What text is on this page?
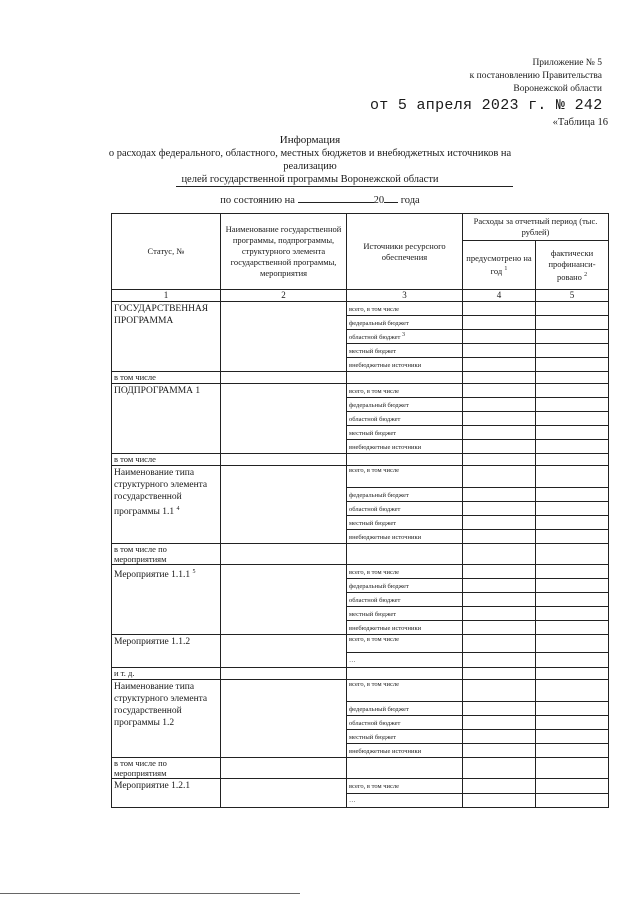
Приложение № 5
к постановлению Правительства
Воронежской области
от 5 апреля 2023 г. № 242
«Таблица 16
Информация
о расходах федерального, областного, местных бюджетов и внебюджетных источников на реализацию
целей государственной программы Воронежской области
по состоянию на	20 года
Статус, №	Наименование государственной программы, подпрограммы, структурного элемента государственной программы, мероприятия	Источники ресурсного обеспечения	Расходы за отчетный период (тыс. рублей)	
			предусмотрено на год $^1$	фактически профинанси-ровано $^2$
1	2	3	4	5
ГОСУДАРСТВЕННАЯ ПРОГРАММА		всего, в том числе		
		федеральный бюджет		
		областной бюджет $^3$		
		местный бюджет		
		внебюджетные источники		
в том числе				
ПОДПРОГРАММА 1		всего, в том числе		
		федеральный бюджет		
		областной бюджет		
		местный бюджет		
		внебюджетные источники		
в том числе				
Наименование типа структурного элемента государственной программы 1.1 $^4$		всего, в том числе		
		федеральный бюджет		
		областной бюджет		
		местный бюджет		
		внебюджетные источники		
в том числе по мероприятиям				
Мероприятие 1.1.1 $^5$		всего, в том числе		
		федеральный бюджет		
		областной бюджет		
		местный бюджет		
		внебюджетные источники		
Мероприятие 1.1.2		всего, в том числе		
		…		
и т. д.				
Наименование типа структурного элемента государственной программы 1.2		всего, в том числе		
		федеральный бюджет		
		областной бюджет		
		местный бюджет		
		внебюджетные источники		
в том числе по мероприятиям				
Мероприятие 1.2.1		всего, в том числе		
		…		
